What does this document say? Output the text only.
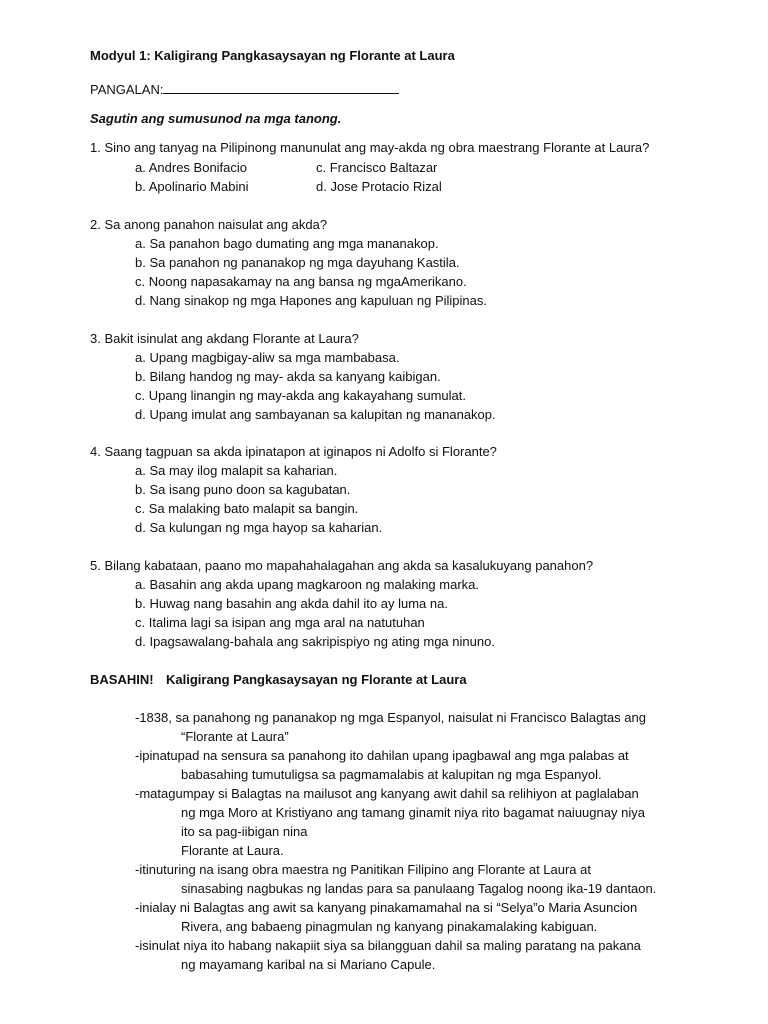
Modyul 1: Kaligirang Pangkasaysayan ng Florante at Laura
PANGALAN:
Sagutin ang sumusunod na mga tanong.
1. Sino ang tanyag na Pilipinong manunulat ang may-akda ng obra maestrang Florante at Laura?
a. Andres Bonifacio	c. Francisco Baltazar
b. Apolinario Mabini	d. Jose Protacio Rizal
2. Sa anong panahon naisulat ang akda?
a. Sa panahon bago dumating ang mga mananakop.
b. Sa panahon ng pananakop ng mga dayuhang Kastila.
c. Noong napasakamay na ang bansa ng mgaAmerikano.
d. Nang sinakop ng mga Hapones ang kapuluan ng Pilipinas.
3. Bakit isinulat ang akdang Florante at Laura?
a. Upang magbigay-aliw sa mga mambabasa.
b. Bilang handog ng may- akda sa kanyang kaibigan.
c. Upang linangin ng may-akda ang kakayahang sumulat.
d. Upang imulat ang sambayanan sa kalupitan ng mananakop.
4. Saang tagpuan sa akda ipinatapon at iginapos ni Adolfo si Florante?
a. Sa may ilog malapit sa kaharian.
b. Sa isang puno doon sa kagubatan.
c. Sa malaking bato malapit sa bangin.
d. Sa kulungan ng mga hayop sa kaharian.
5. Bilang kabataan, paano mo mapahahalagahan ang akda sa kasalukuyang panahon?
a. Basahin ang akda upang magkaroon ng malaking marka.
b. Huwag nang basahin ang akda dahil ito ay luma na.
c. Italima lagi sa isipan ang mga aral na natutuhan
d. Ipagsawalang-bahala ang sakripispiyo ng ating mga ninuno.
BASAHIN! Kaligirang Pangkasaysayan ng Florante at Laura
-1838, sa panahong ng pananakop ng mga Espanyol, naisulat ni Francisco Balagtas ang
“Florante at Laura”
-ipinatupad na sensura sa panahong ito dahilan upang ipagbawal ang mga palabas at
babasahing tumutuligsa sa pagmamalabis at kalupitan ng mga Espanyol.
-matagumpay si Balagtas na mailusot ang kanyang awit dahil sa relihiyon at paglalaban
ng mga Moro at Kristiyano ang tamang ginamit niya rito bagamat naiuugnay niya
ito sa pag-iibigan nina
Florante at Laura.
-itinuturing na isang obra maestra ng Panitikan Filipino ang Florante at Laura at
sinasabing nagbukas ng landas para sa panulaang Tagalog noong ika-19 dantaon.
-inialay ni Balagtas ang awit sa kanyang pinakamamahal na si “Selya”o Maria Asuncion
Rivera, ang babaeng pinagmulan ng kanyang pinakamalaking kabiguan.
-isinulat niya ito habang nakapiit siya sa bilangguan dahil sa maling paratang na pakana
ng mayamang karibal na si Mariano Capule.
